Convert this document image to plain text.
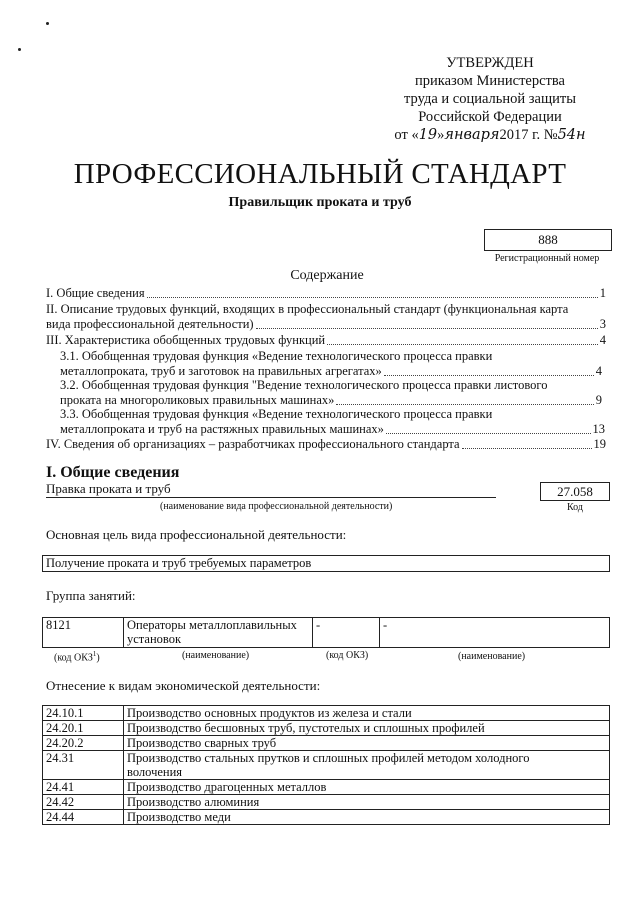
УТВЕРЖДЕН
приказом Министерства
труда и социальной защиты
Российской Федерации
от «19»января2017 г. №54н
ПРОФЕССИОНАЛЬНЫЙ СТАНДАРТ
Правильщик проката и труб
888
Регистрационный номер
Содержание
I. Общие сведения	1
II. Описание трудовых функций, входящих в профессиональный стандарт (функциональная карта
вида профессиональной деятельности)	3
III. Характеристика обобщенных трудовых функций	4
3.1. Обобщенная трудовая функция «Ведение технологического процесса правки
металлопроката, труб и заготовок на правильных агрегатах»	4
3.2. Обобщенная трудовая функция "Ведение технологического процесса правки листового
проката на многороликовых правильных машинах»	9
3.3. Обобщенная трудовая функция «Ведение технологического процесса правки
металлопроката и труб на растяжных правильных машинах»	13
IV. Сведения об организациях – разработчиках профессионального стандарта	19
I. Общие сведения
Правка проката и труб
(наименование вида профессиональной деятельности)
27.058
Код
Основная цель вида профессиональной деятельности:
Получение проката и труб требуемых параметров
Группа занятий:
8121	Операторы металлоплавильных установок	-	-
(код ОКЗ$^1$)	(наименование)	(код ОКЗ)	(наименование)
Отнесение к видам экономической деятельности:
24.10.1	Производство основных продуктов из железа и стали
24.20.1	Производство бесшовных труб, пустотелых и сплошных профилей
24.20.2	Производство сварных труб
24.31	Производство стальных прутков и сплошных профилей методом холодного волочения
24.41	Производство драгоценных металлов
24.42	Производство алюминия
24.44	Производство меди
